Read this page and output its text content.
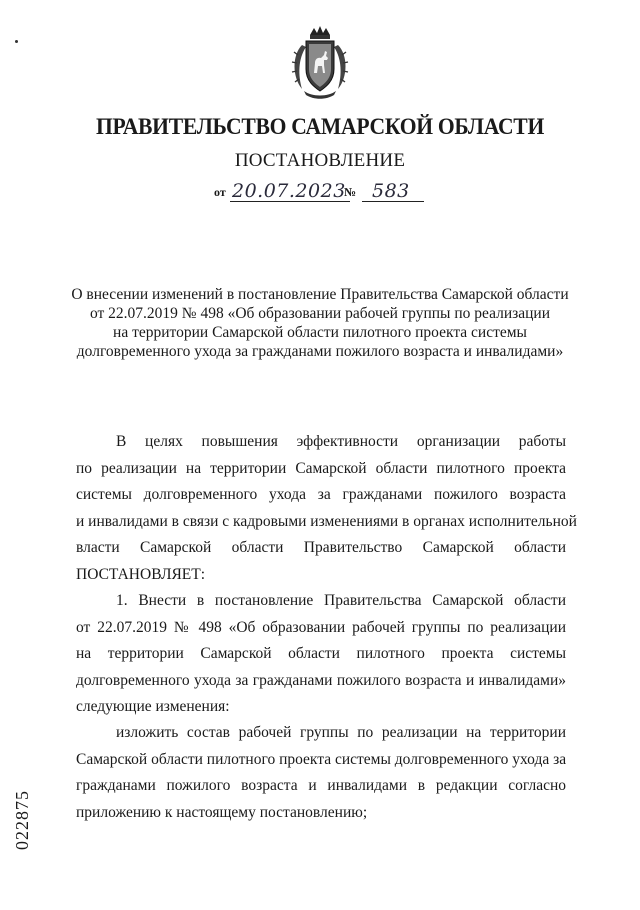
ПРАВИТЕЛЬСТВО САМАРСКОЙ ОБЛАСТИ
ПОСТАНОВЛЕНИЕ
от 20.07.2023
№ 583
О внесении изменений в постановление Правительства Самарской области
от 22.07.2019 № 498 «Об образовании рабочей группы по реализации
на территории Самарской области пилотного проекта системы
долговременного ухода за гражданами пожилого возраста и инвалидами»
В целях повышения эффективности организации работы
по реализации на территории Самарской области пилотного проекта
системы долговременного ухода за гражданами пожилого возраста
и инвалидами в связи с кадровыми изменениями в органах исполнительной
власти Самарской области Правительство Самарской области
ПОСТАНОВЛЯЕТ:
1. Внести в постановление Правительства Самарской области
от 22.07.2019 № 498 «Об образовании рабочей группы по реализации
на территории Самарской области пилотного проекта системы
долговременного ухода за гражданами пожилого возраста и инвалидами»
следующие изменения:
изложить состав рабочей группы по реализации на территории
Самарской области пилотного проекта системы долговременного ухода за
гражданами пожилого возраста и инвалидами в редакции согласно
приложению к настоящему постановлению;
022875
